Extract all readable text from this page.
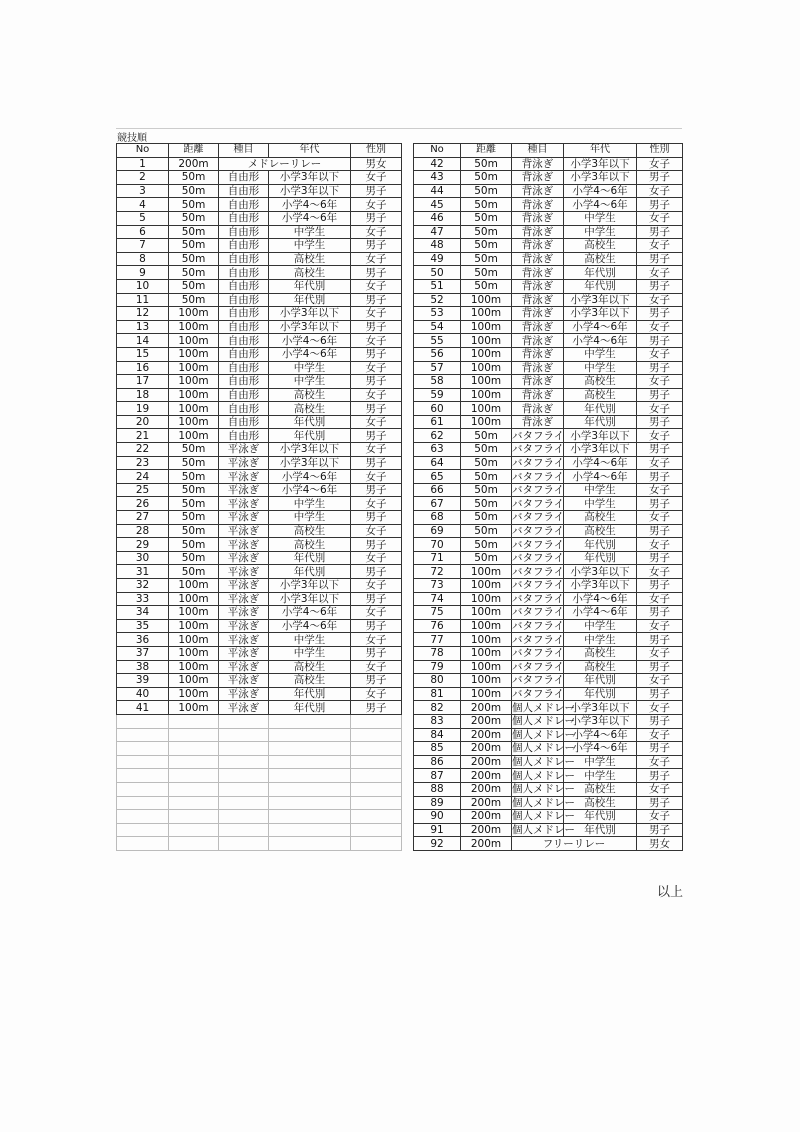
競技順
No	距離	種目	年代	性別
1	200m	メドレーリレー		男女
2	50m	自由形	小学3年以下	女子
3	50m	自由形	小学3年以下	男子
4	50m	自由形	小学4～6年	女子
5	50m	自由形	小学4～6年	男子
6	50m	自由形	中学生	女子
7	50m	自由形	中学生	男子
8	50m	自由形	高校生	女子
9	50m	自由形	高校生	男子
10	50m	自由形	年代別	女子
11	50m	自由形	年代別	男子
12	100m	自由形	小学3年以下	女子
13	100m	自由形	小学3年以下	男子
14	100m	自由形	小学4～6年	女子
15	100m	自由形	小学4～6年	男子
16	100m	自由形	中学生	女子
17	100m	自由形	中学生	男子
18	100m	自由形	高校生	女子
19	100m	自由形	高校生	男子
20	100m	自由形	年代別	女子
21	100m	自由形	年代別	男子
22	50m	平泳ぎ	小学3年以下	女子
23	50m	平泳ぎ	小学3年以下	男子
24	50m	平泳ぎ	小学4～6年	女子
25	50m	平泳ぎ	小学4～6年	男子
26	50m	平泳ぎ	中学生	女子
27	50m	平泳ぎ	中学生	男子
28	50m	平泳ぎ	高校生	女子
29	50m	平泳ぎ	高校生	男子
30	50m	平泳ぎ	年代別	女子
31	50m	平泳ぎ	年代別	男子
32	100m	平泳ぎ	小学3年以下	女子
33	100m	平泳ぎ	小学3年以下	男子
34	100m	平泳ぎ	小学4～6年	女子
35	100m	平泳ぎ	小学4～6年	男子
36	100m	平泳ぎ	中学生	女子
37	100m	平泳ぎ	中学生	男子
38	100m	平泳ぎ	高校生	女子
39	100m	平泳ぎ	高校生	男子
40	100m	平泳ぎ	年代別	女子
41	100m	平泳ぎ	年代別	男子

No	距離	種目	年代	性別
42	50m	背泳ぎ	小学3年以下	女子
43	50m	背泳ぎ	小学3年以下	男子
44	50m	背泳ぎ	小学4～6年	女子
45	50m	背泳ぎ	小学4～6年	男子
46	50m	背泳ぎ	中学生	女子
47	50m	背泳ぎ	中学生	男子
48	50m	背泳ぎ	高校生	女子
49	50m	背泳ぎ	高校生	男子
50	50m	背泳ぎ	年代別	女子
51	50m	背泳ぎ	年代別	男子
52	100m	背泳ぎ	小学3年以下	女子
53	100m	背泳ぎ	小学3年以下	男子
54	100m	背泳ぎ	小学4～6年	女子
55	100m	背泳ぎ	小学4～6年	男子
56	100m	背泳ぎ	中学生	女子
57	100m	背泳ぎ	中学生	男子
58	100m	背泳ぎ	高校生	女子
59	100m	背泳ぎ	高校生	男子
60	100m	背泳ぎ	年代別	女子
61	100m	背泳ぎ	年代別	男子
62	50m	バタフライ	小学3年以下	女子
63	50m	バタフライ	小学3年以下	男子
64	50m	バタフライ	小学4～6年	女子
65	50m	バタフライ	小学4～6年	男子
66	50m	バタフライ	中学生	女子
67	50m	バタフライ	中学生	男子
68	50m	バタフライ	高校生	女子
69	50m	バタフライ	高校生	男子
70	50m	バタフライ	年代別	女子
71	50m	バタフライ	年代別	男子
72	100m	バタフライ	小学3年以下	女子
73	100m	バタフライ	小学3年以下	男子
74	100m	バタフライ	小学4～6年	女子
75	100m	バタフライ	小学4～6年	男子
76	100m	バタフライ	中学生	女子
77	100m	バタフライ	中学生	男子
78	100m	バタフライ	高校生	女子
79	100m	バタフライ	高校生	男子
80	100m	バタフライ	年代別	女子
81	100m	バタフライ	年代別	男子
82	200m	個人メドレー	小学3年以下	女子
83	200m	個人メドレー	小学3年以下	男子
84	200m	個人メドレー	小学4～6年	女子
85	200m	個人メドレー	小学4～6年	男子
86	200m	個人メドレー	中学生	女子
87	200m	個人メドレー	中学生	男子
88	200m	個人メドレー	高校生	女子
89	200m	個人メドレー	高校生	男子
90	200m	個人メドレー	年代別	女子
91	200m	個人メドレー	年代別	男子
92	200m	フリーリレー		男女
以上
